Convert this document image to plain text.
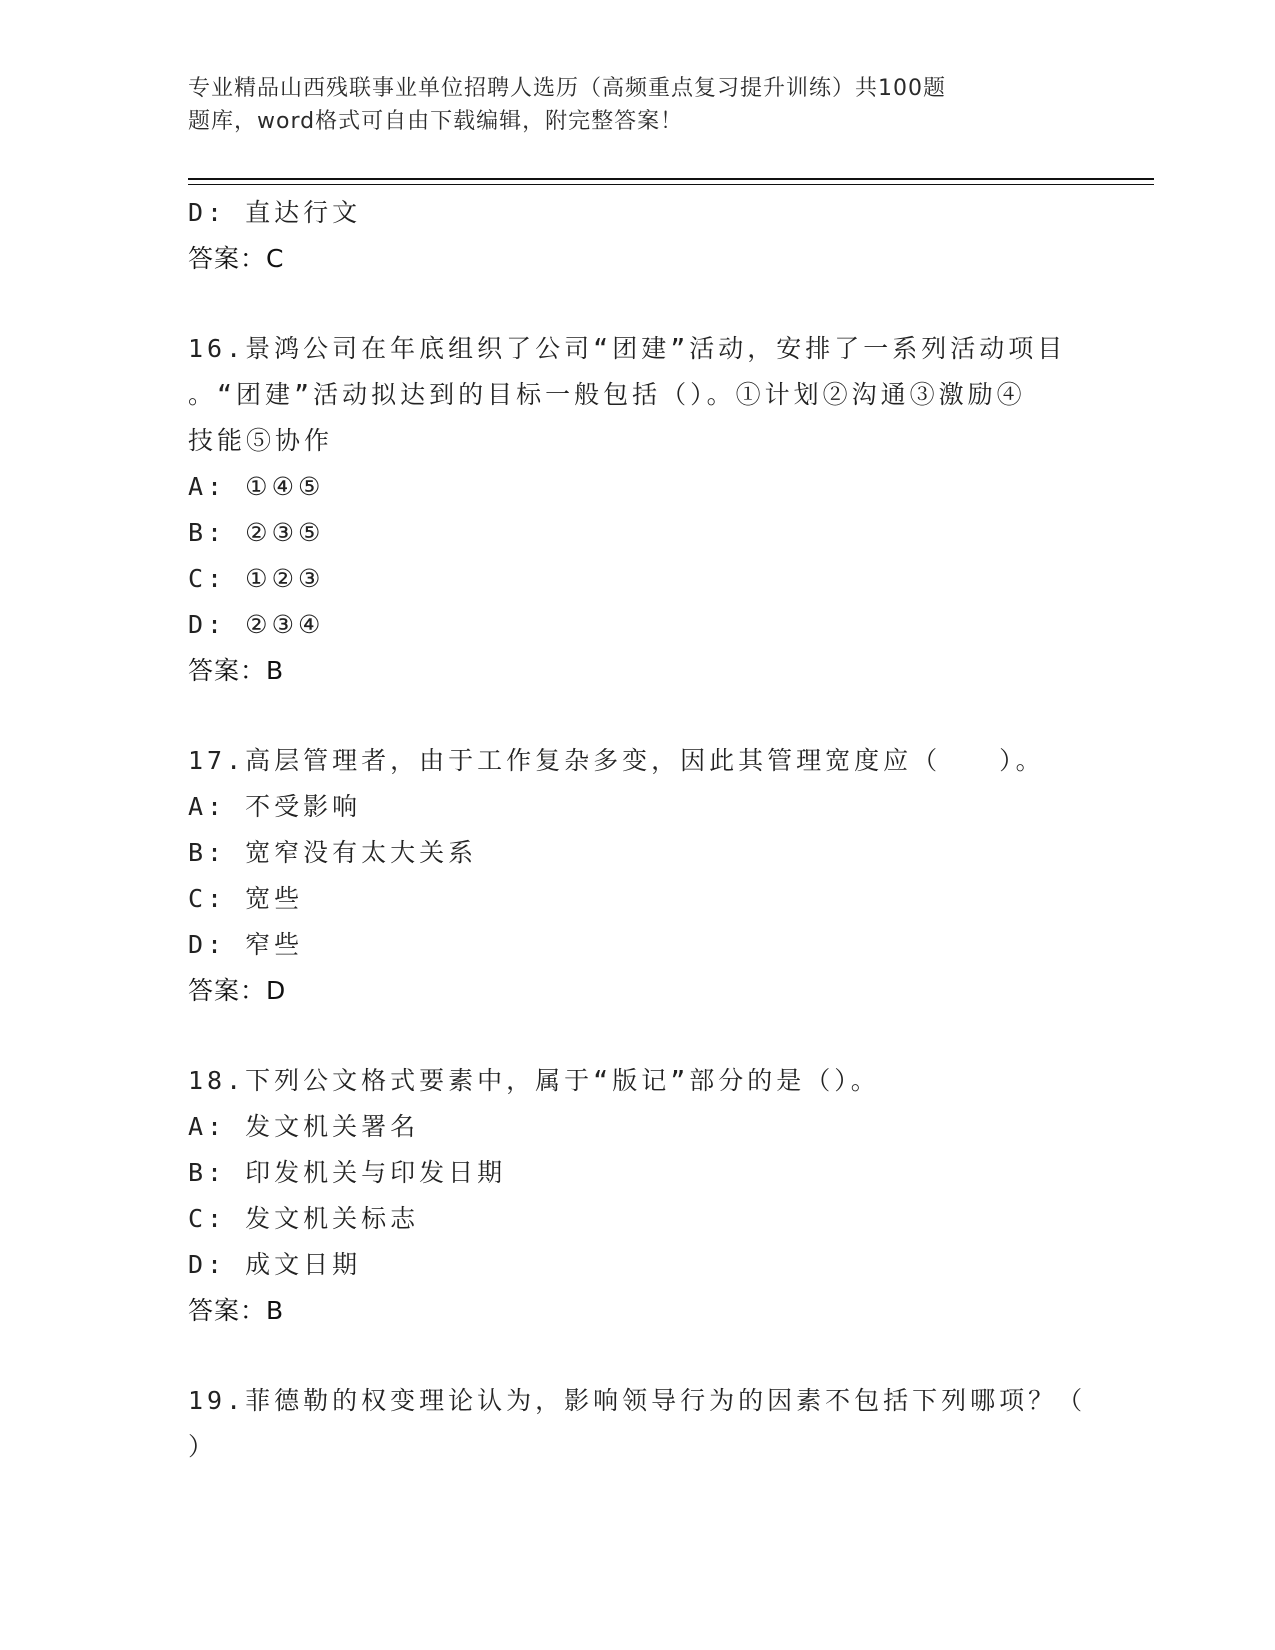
专业精品山西残联事业单位招聘人选历（高频重点复习提升训练）共100题
题库，word格式可自由下载编辑，附完整答案！
D: 直达行文
答案：C
16.景鸿公司在年底组织了公司“团建”活动，安排了一系列活动项目
。“团建”活动拟达到的目标一般包括（）。①计划②沟通③激励④
技能⑤协作
A: ①④⑤
B: ②③⑤
C: ①②③
D: ②③④
答案：B
17.高层管理者，由于工作复杂多变，因此其管理宽度应（　　）。
A: 不受影响
B: 宽窄没有太大关系
C: 宽些
D: 窄些
答案：D
18.下列公文格式要素中，属于“版记”部分的是（）。
A: 发文机关署名
B: 印发机关与印发日期
C: 发文机关标志
D: 成文日期
答案：B
19.菲德勒的权变理论认为，影响领导行为的因素不包括下列哪项？（
）
